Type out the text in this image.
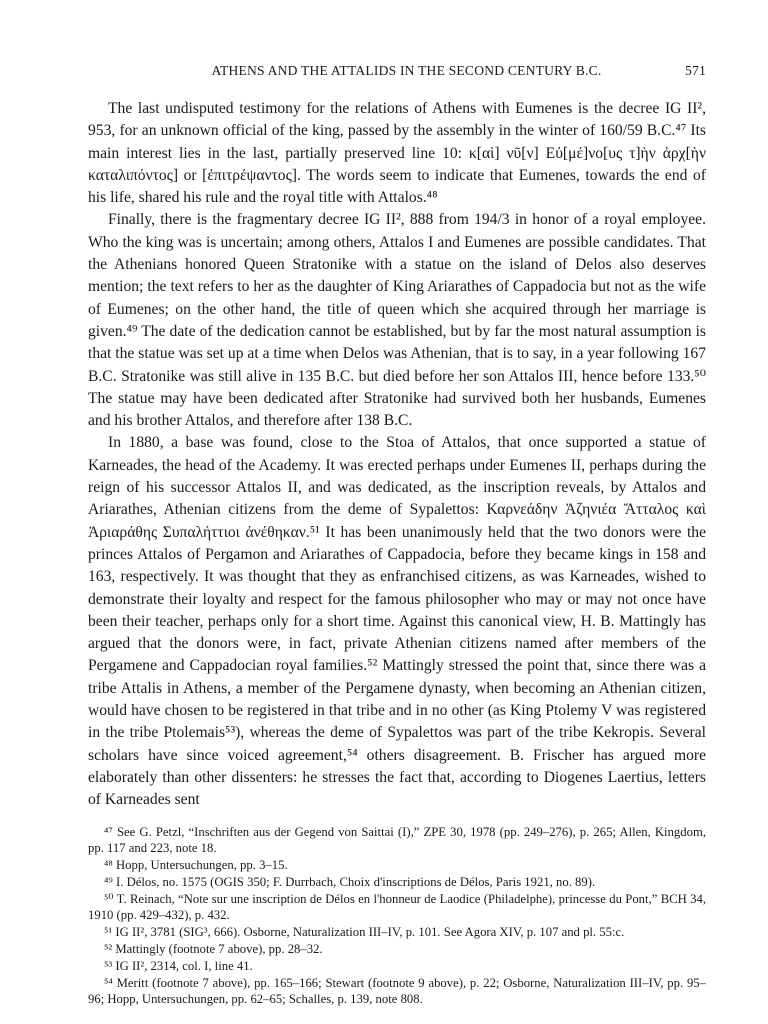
ATHENS AND THE ATTALIDS IN THE SECOND CENTURY B.C.	571

The last undisputed testimony for the relations of Athens with Eumenes is the decree IG II², 953, for an unknown official of the king, passed by the assembly in the winter of 160/59 B.C.⁴⁷ Its main interest lies in the last, partially preserved line 10: κ[αὶ] νῦ[ν] Εὐ[μέ]νο[υς τ]ὴν ἀρχ[ὴν καταλιπόντος] or [ἐπιτρέψαντος]. The words seem to indicate that Eumenes, towards the end of his life, shared his rule and the royal title with Attalos.⁴⁸

Finally, there is the fragmentary decree IG II², 888 from 194/3 in honor of a royal employee. Who the king was is uncertain; among others, Attalos I and Eumenes are possible candidates. That the Athenians honored Queen Stratonike with a statue on the island of Delos also deserves mention; the text refers to her as the daughter of King Ariarathes of Cappadocia but not as the wife of Eumenes; on the other hand, the title of queen which she acquired through her marriage is given.⁴⁹ The date of the dedication cannot be established, but by far the most natural assumption is that the statue was set up at a time when Delos was Athenian, that is to say, in a year following 167 B.C. Stratonike was still alive in 135 B.C. but died before her son Attalos III, hence before 133.⁵⁰ The statue may have been dedicated after Stratonike had survived both her husbands, Eumenes and his brother Attalos, and therefore after 138 B.C.

In 1880, a base was found, close to the Stoa of Attalos, that once supported a statue of Karneades, the head of the Academy. It was erected perhaps under Eumenes II, perhaps during the reign of his successor Attalos II, and was dedicated, as the inscription reveals, by Attalos and Ariarathes, Athenian citizens from the deme of Sypalettos: Καρνεάδην Ἀζηνιέα Ἄτταλος καὶ Ἀριαράθης Συπαλήττιοι ἀνέθηκαν.⁵¹ It has been unanimously held that the two donors were the princes Attalos of Pergamon and Ariarathes of Cappadocia, before they became kings in 158 and 163, respectively. It was thought that they as enfranchised citizens, as was Karneades, wished to demonstrate their loyalty and respect for the famous philosopher who may or may not once have been their teacher, perhaps only for a short time. Against this canonical view, H. B. Mattingly has argued that the donors were, in fact, private Athenian citizens named after members of the Pergamene and Cappadocian royal families.⁵² Mattingly stressed the point that, since there was a tribe Attalis in Athens, a member of the Pergamene dynasty, when becoming an Athenian citizen, would have chosen to be registered in that tribe and in no other (as King Ptolemy V was registered in the tribe Ptolemais⁵³), whereas the deme of Sypalettos was part of the tribe Kekropis. Several scholars have since voiced agreement,⁵⁴ others disagreement. B. Frischer has argued more elaborately than other dissenters: he stresses the fact that, according to Diogenes Laertius, letters of Karneades sent

⁴⁷ See G. Petzl, “Inschriften aus der Gegend von Saittai (I),” ZPE 30, 1978 (pp. 249–276), p. 265; Allen, Kingdom, pp. 117 and 223, note 18.

⁴⁸ Hopp, Untersuchungen, pp. 3–15.

⁴⁹ I. Délos, no. 1575 (OGIS 350; F. Durrbach, Choix d'inscriptions de Délos, Paris 1921, no. 89).

⁵⁰ T. Reinach, “Note sur une inscription de Délos en l'honneur de Laodice (Philadelphe), princesse du Pont,” BCH 34, 1910 (pp. 429–432), p. 432.

⁵¹ IG II², 3781 (SIG³, 666). Osborne, Naturalization III–IV, p. 101. See Agora XIV, p. 107 and pl. 55:c.

⁵² Mattingly (footnote 7 above), pp. 28–32.

⁵³ IG II², 2314, col. I, line 41.

⁵⁴ Meritt (footnote 7 above), pp. 165–166; Stewart (footnote 9 above), p. 22; Osborne, Naturalization III–IV, pp. 95–96; Hopp, Untersuchungen, pp. 62–65; Schalles, p. 139, note 808.
